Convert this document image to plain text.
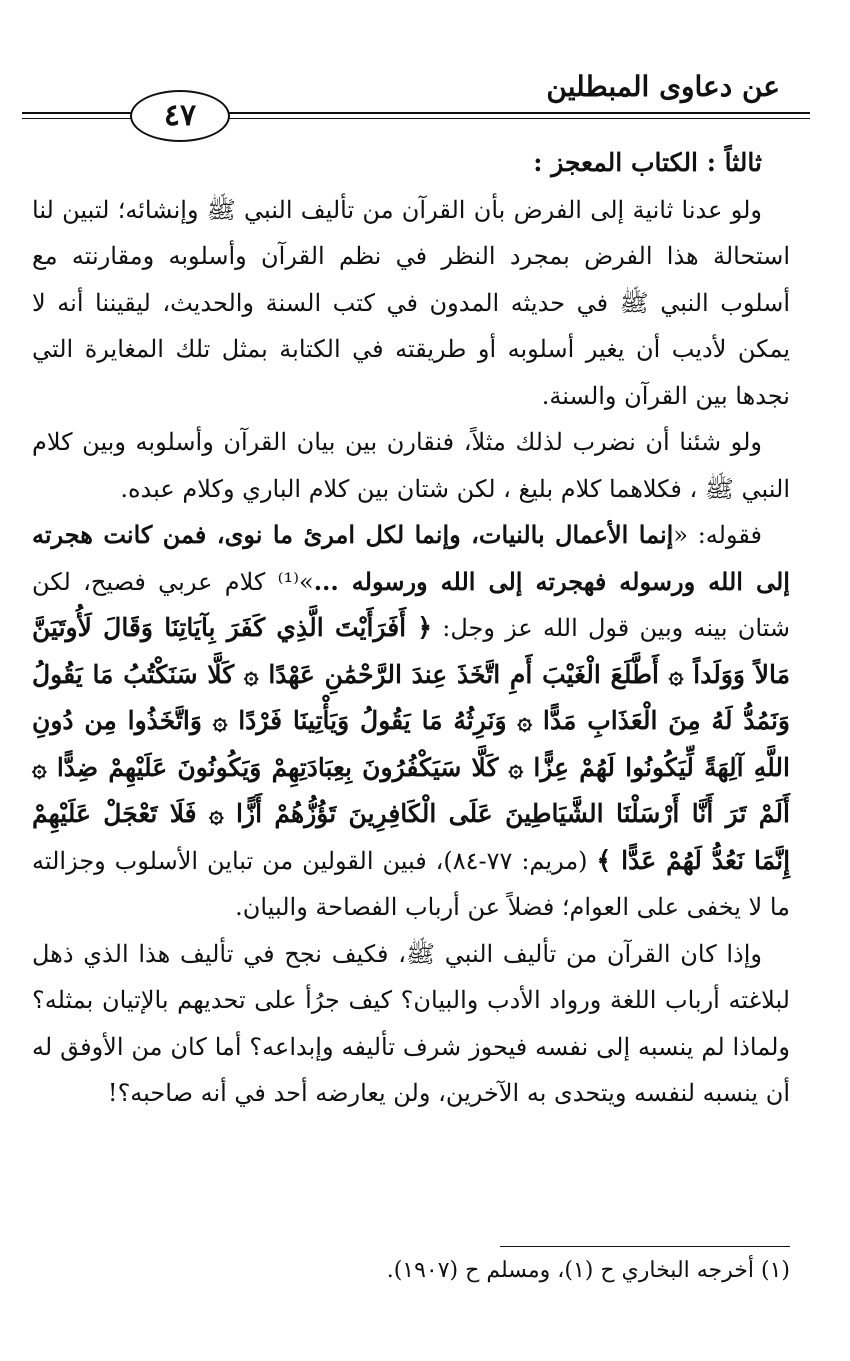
عن دعاوى المبطلين
٤٧

ثالثاً : الكتاب المعجز :

ولو عدنا ثانية إلى الفرض بأن القرآن من تأليف النبي ﷺ وإنشائه؛ لتبين لنا استحالة هذا الفرض بمجرد النظر في نظم القرآن وأسلوبه ومقارنته مع أسلوب النبي ﷺ في حديثه المدون في كتب السنة والحديث، ليقيننا أنه لا يمكن لأديب أن يغير أسلوبه أو طريقته في الكتابة بمثل تلك المغايرة التي نجدها بين القرآن والسنة.

ولو شئنا أن نضرب لذلك مثلاً، فنقارن بين بيان القرآن وأسلوبه وبين كلام النبي ﷺ ، فكلاهما كلام بليغ ، لكن شتان بين كلام الباري وكلام عبده.

فقوله: «إنما الأعمال بالنيات، وإنما لكل امرئ ما نوى، فمن كانت هجرته إلى الله ورسوله فهجرته إلى الله ورسوله ...»⁽¹⁾ كلام عربي فصيح، لكن شتان بينه وبين قول الله عز وجل: ﴿ أَفَرَأَيْتَ الَّذِي كَفَرَ بِآيَاتِنَا وَقَالَ لَأُوتَيَنَّ مَالاً وَوَلَداً ۞ أَطَّلَعَ الْغَيْبَ أَمِ اتَّخَذَ عِندَ الرَّحْمَٰنِ عَهْدًا ۞ كَلَّا سَنَكْتُبُ مَا يَقُولُ وَنَمُدُّ لَهُ مِنَ الْعَذَابِ مَدًّا ۞ وَنَرِثُهُ مَا يَقُولُ وَيَأْتِينَا فَرْدًا ۞ وَاتَّخَذُوا مِن دُونِ اللَّهِ آلِهَةً لِّيَكُونُوا لَهُمْ عِزًّا ۞ كَلَّا سَيَكْفُرُونَ بِعِبَادَتِهِمْ وَيَكُونُونَ عَلَيْهِمْ ضِدًّا ۞ أَلَمْ تَرَ أَنَّا أَرْسَلْنَا الشَّيَاطِينَ عَلَى الْكَافِرِينَ تَؤُزُّهُمْ أَزًّا ۞ فَلَا تَعْجَلْ عَلَيْهِمْ إِنَّمَا نَعُدُّ لَهُمْ عَدًّا ﴾ (مريم: ٧٧-٨٤)، فبين القولين من تباين الأسلوب وجزالته ما لا يخفى على العوام؛ فضلاً عن أرباب الفصاحة والبيان.

وإذا كان القرآن من تأليف النبي ﷺ، فكيف نجح في تأليف هذا الذي ذهل لبلاغته أرباب اللغة ورواد الأدب والبيان؟ كيف جرُأ على تحديهم بالإتيان بمثله؟ ولماذا لم ينسبه إلى نفسه فيحوز شرف تأليفه وإبداعه؟ أما كان من الأوفق له أن ينسبه لنفسه ويتحدى به الآخرين، ولن يعارضه أحد في أنه صاحبه؟!

(١) أخرجه البخاري ح (١)، ومسلم ح (١٩٠٧).
